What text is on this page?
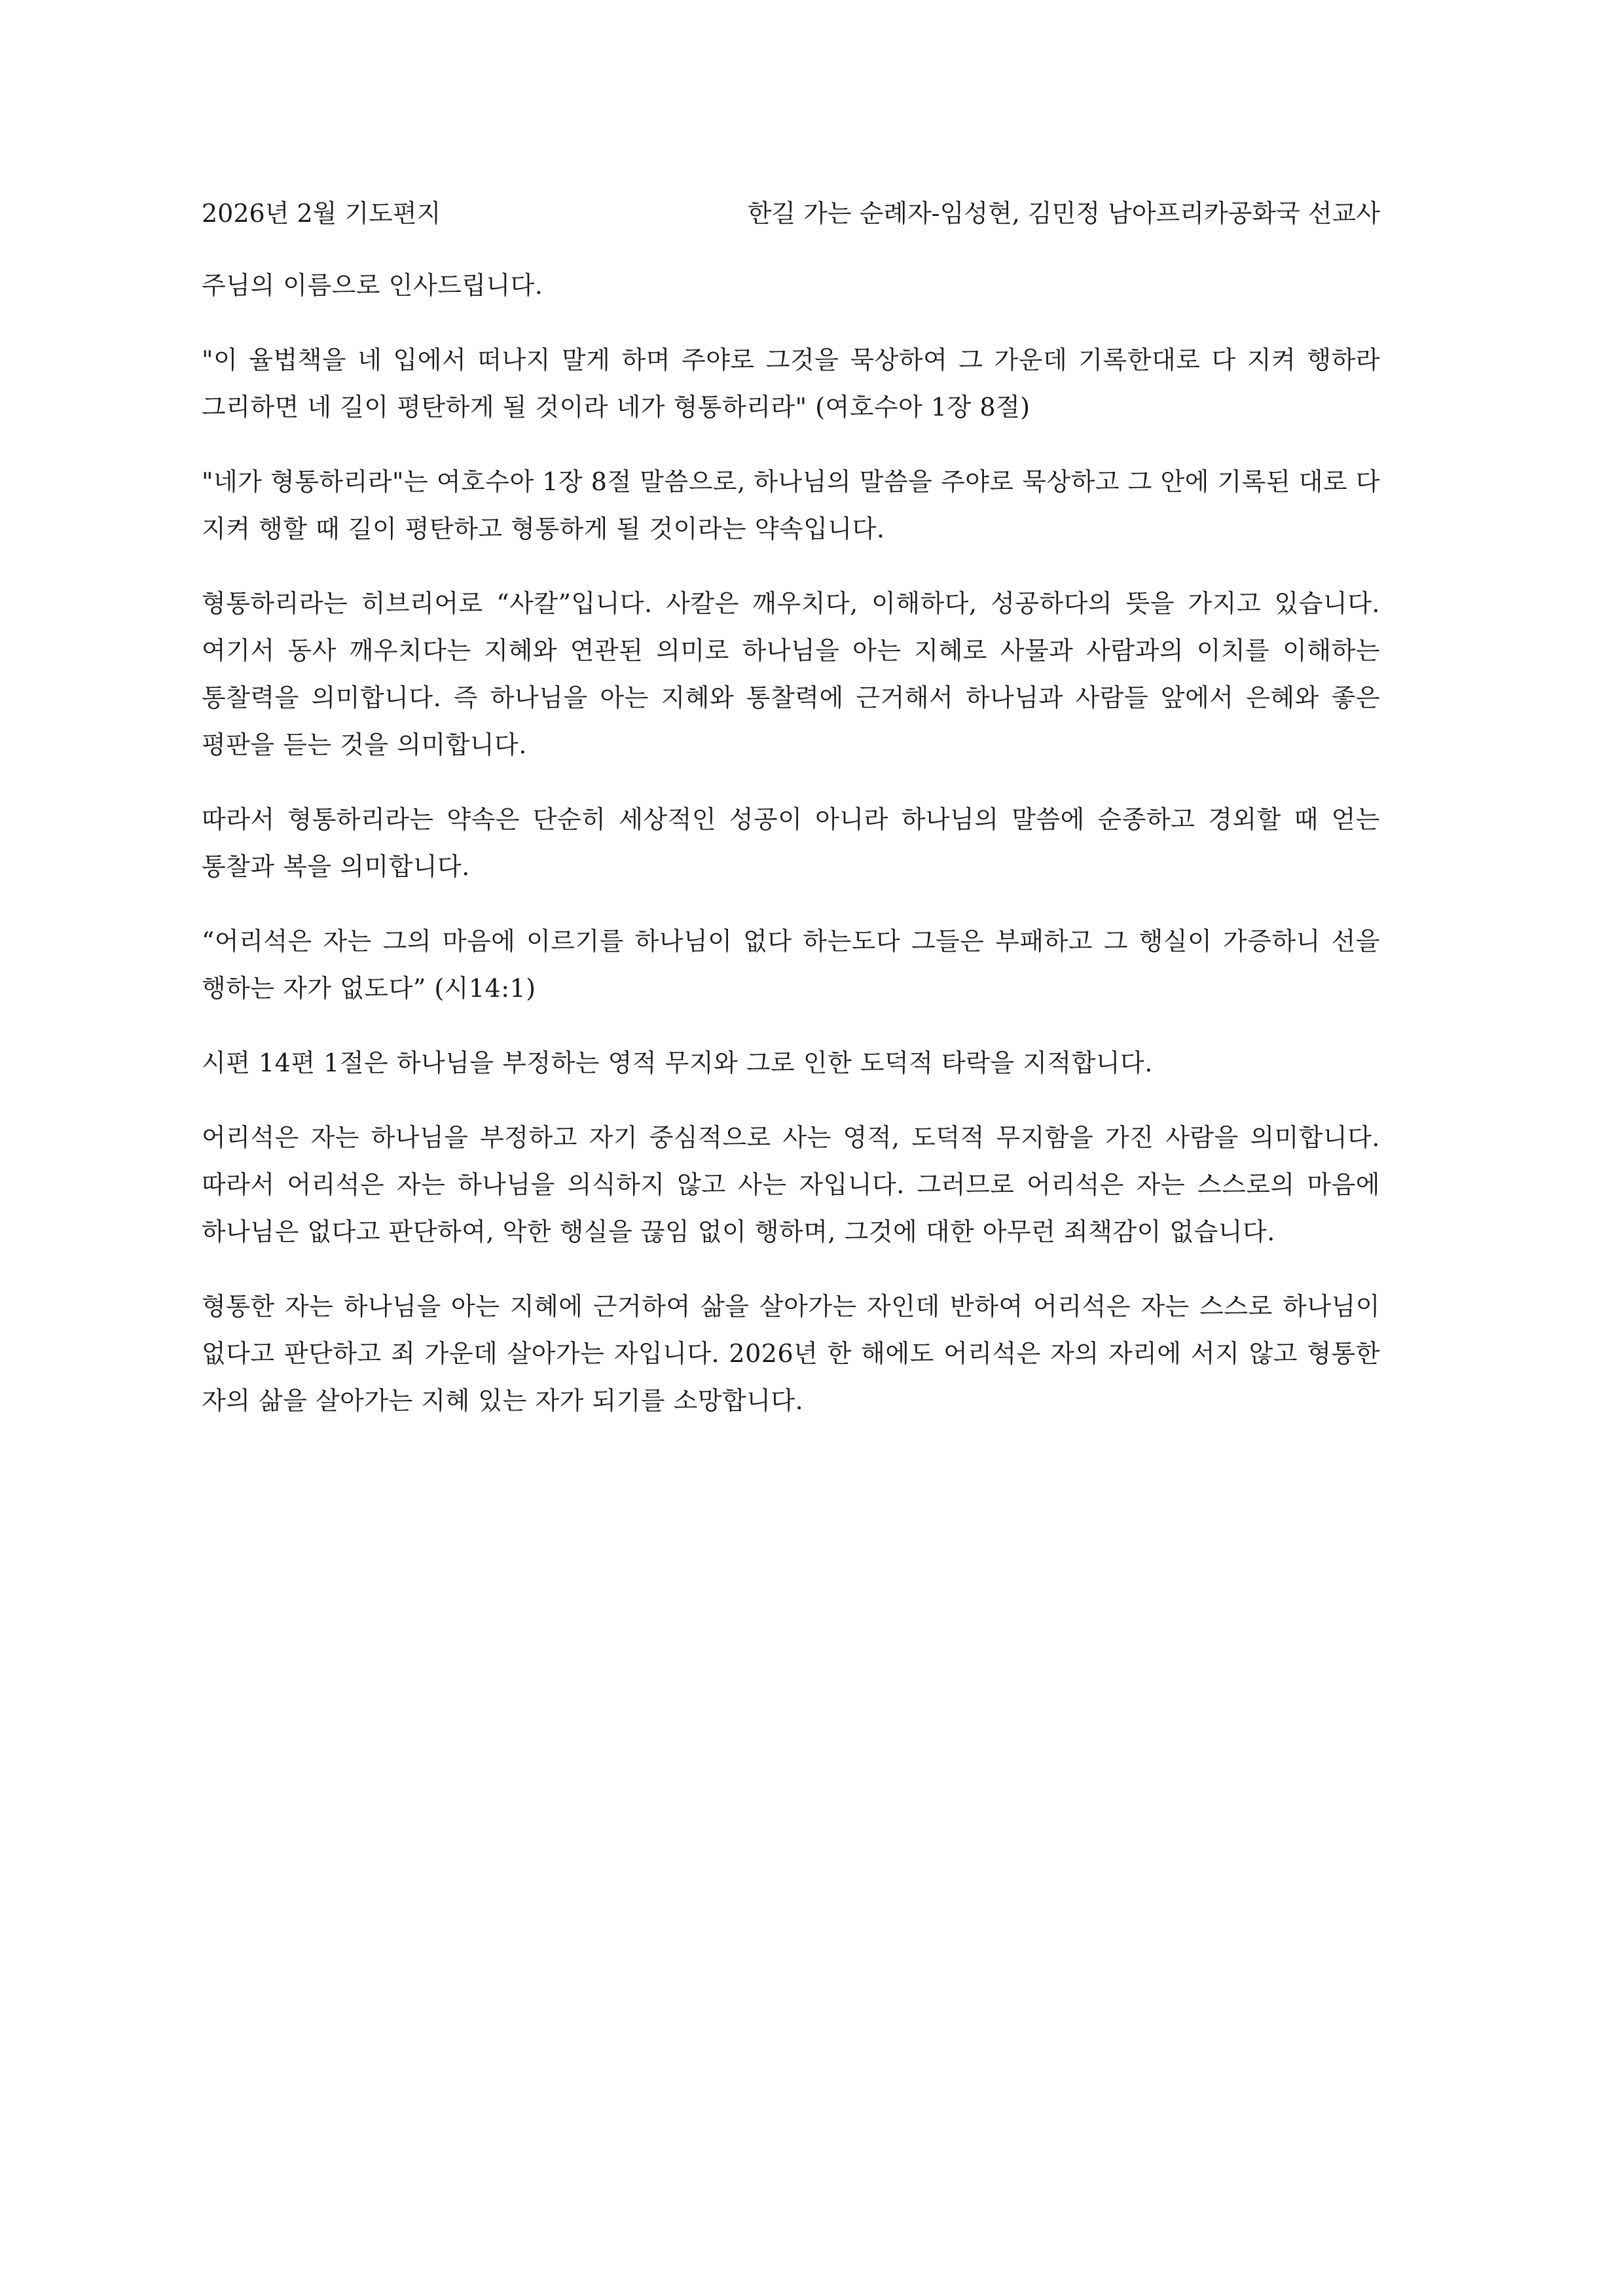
2026년 2월 기도편지	한길 가는 순례자-임성현, 김민정 남아프리카공화국 선교사

주님의 이름으로 인사드립니다.

"이 율법책을 네 입에서 떠나지 말게 하며 주야로 그것을 묵상하여 그 가운데 기록한대로 다 지켜 행하라 그리하면 네 길이 평탄하게 될 것이라 네가 형통하리라" (여호수아 1장 8절)

"네가 형통하리라"는 여호수아 1장 8절 말씀으로, 하나님의 말씀을 주야로 묵상하고 그 안에 기록된 대로 다 지켜 행할 때 길이 평탄하고 형통하게 될 것이라는 약속입니다.

형통하리라는 히브리어로 “사칼”입니다. 사칼은 깨우치다, 이해하다, 성공하다의 뜻을 가지고 있습니다. 여기서 동사 깨우치다는 지혜와 연관된 의미로 하나님을 아는 지혜로 사물과 사람과의 이치를 이해하는 통찰력을 의미합니다. 즉 하나님을 아는 지혜와 통찰력에 근거해서 하나님과 사람들 앞에서 은혜와 좋은 평판을 듣는 것을 의미합니다.

따라서 형통하리라는 약속은 단순히 세상적인 성공이 아니라 하나님의 말씀에 순종하고 경외할 때 얻는 통찰과 복을 의미합니다.

“어리석은 자는 그의 마음에 이르기를 하나님이 없다 하는도다 그들은 부패하고 그 행실이 가증하니 선을 행하는 자가 없도다” (시14:1)

시편 14편 1절은 하나님을 부정하는 영적 무지와 그로 인한 도덕적 타락을 지적합니다.

어리석은 자는 하나님을 부정하고 자기 중심적으로 사는 영적, 도덕적 무지함을 가진 사람을 의미합니다. 따라서 어리석은 자는 하나님을 의식하지 않고 사는 자입니다. 그러므로 어리석은 자는 스스로의 마음에 하나님은 없다고 판단하여, 악한 행실을 끊임 없이 행하며, 그것에 대한 아무런 죄책감이 없습니다.

형통한 자는 하나님을 아는 지혜에 근거하여 삶을 살아가는 자인데 반하여 어리석은 자는 스스로 하나님이 없다고 판단하고 죄 가운데 살아가는 자입니다. 2026년 한 해에도 어리석은 자의 자리에 서지 않고 형통한 자의 삶을 살아가는 지혜 있는 자가 되기를 소망합니다.
